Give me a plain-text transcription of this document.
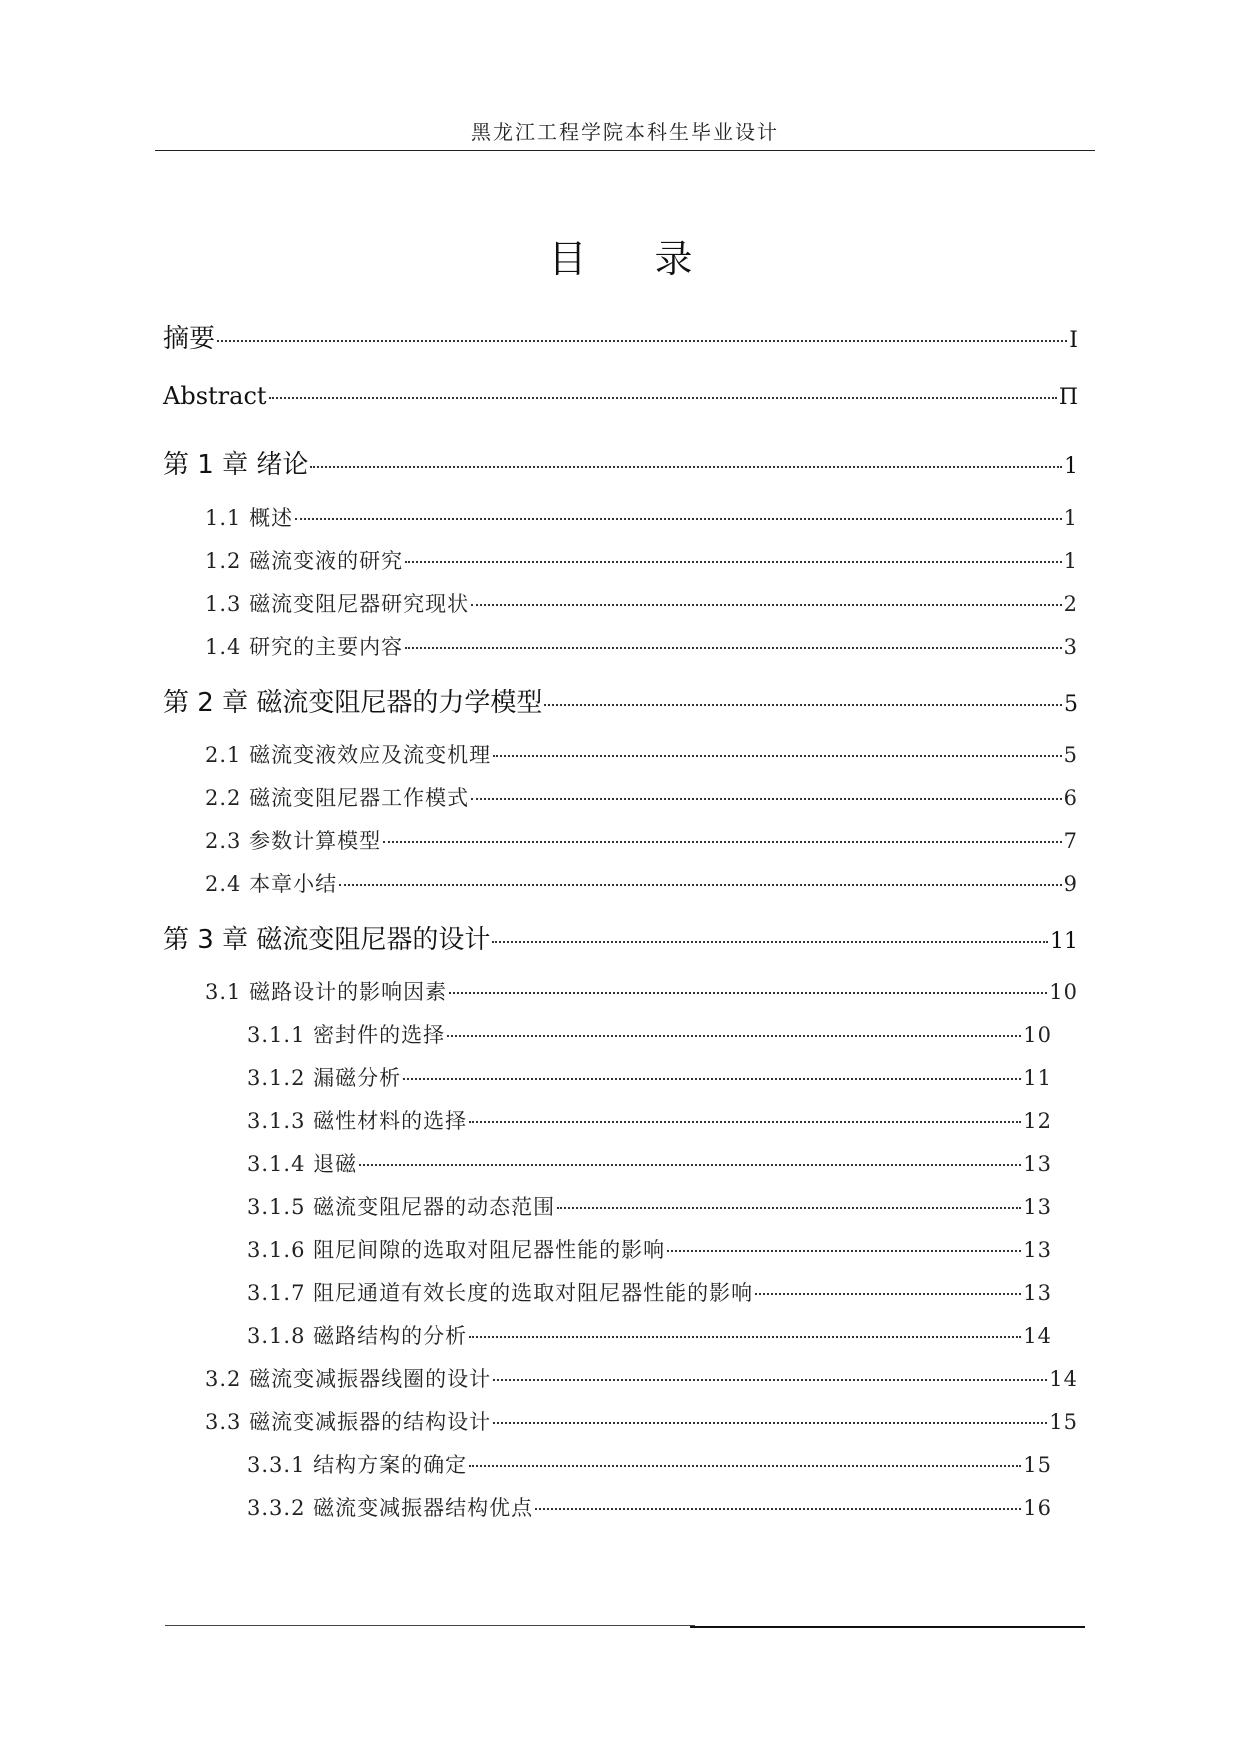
黑龙江工程学院本科生毕业设计
目 录
摘要	I
Abstract	Π
第 1 章 绪论	1
1.1 概述	1
1.2 磁流变液的研究	1
1.3 磁流变阻尼器研究现状	2
1.4 研究的主要内容	3
第 2 章 磁流变阻尼器的力学模型	5
2.1 磁流变液效应及流变机理	5
2.2 磁流变阻尼器工作模式	6
2.3 参数计算模型	7
2.4 本章小结	9
第 3 章 磁流变阻尼器的设计	11
3.1 磁路设计的影响因素	10
3.1.1 密封件的选择	10
3.1.2 漏磁分析	11
3.1.3 磁性材料的选择	12
3.1.4 退磁	13
3.1.5 磁流变阻尼器的动态范围	13
3.1.6 阻尼间隙的选取对阻尼器性能的影响	13
3.1.7 阻尼通道有效长度的选取对阻尼器性能的影响	13
3.1.8 磁路结构的分析	14
3.2 磁流变减振器线圈的设计	14
3.3 磁流变减振器的结构设计	15
3.3.1 结构方案的确定	15
3.3.2 磁流变减振器结构优点	16
